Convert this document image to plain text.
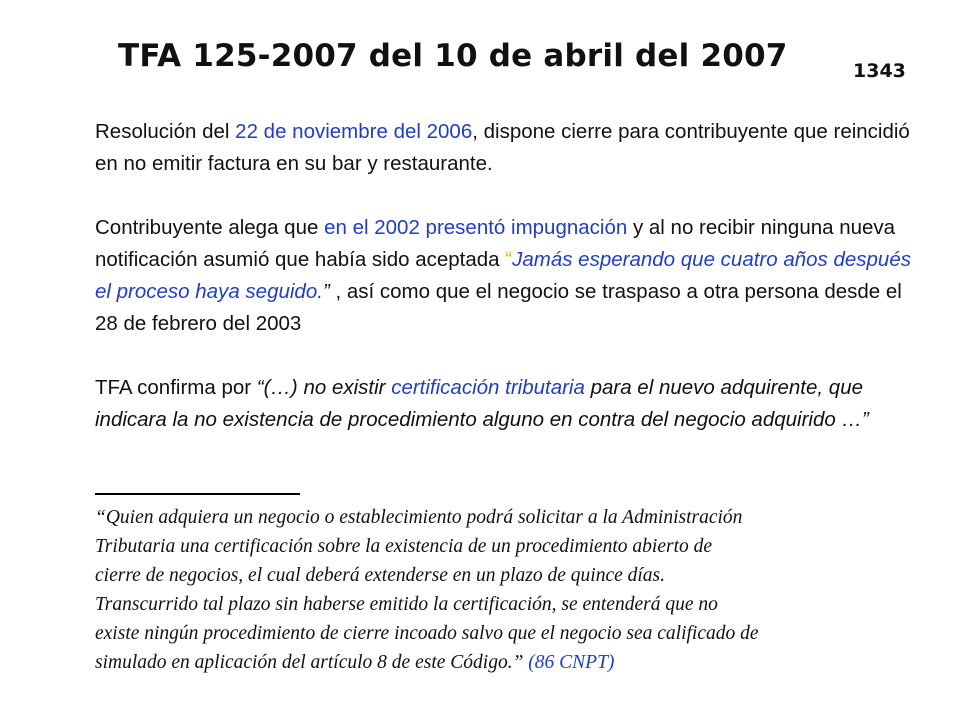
TFA 125-2007 del 10 de abril del 2007	1343

Resolución del 22 de noviembre del 2006, dispone cierre para contribuyente que reincidió en no emitir factura en su bar y restaurante.

Contribuyente alega que en el 2002 presentó impugnación y al no recibir ninguna nueva notificación asumió que había sido aceptada “Jamás esperando que cuatro años después el proceso haya seguido.” , así como que el negocio se traspaso a otra persona desde el 28 de febrero del 2003

TFA confirma por “(…) no existir certificación tributaria para el nuevo adquirente, que indicara la no existencia de procedimiento alguno en contra del negocio adquirido …”

“Quien adquiera un negocio o establecimiento podrá solicitar a la Administración
Tributaria una certificación sobre la existencia de un procedimiento abierto de
cierre de negocios, el cual deberá extenderse en un plazo de quince días.
Transcurrido tal plazo sin haberse emitido la certificación, se entenderá que no
existe ningún procedimiento de cierre incoado salvo que el negocio sea calificado de
simulado en aplicación del artículo 8 de este Código.” (86 CNPT)
